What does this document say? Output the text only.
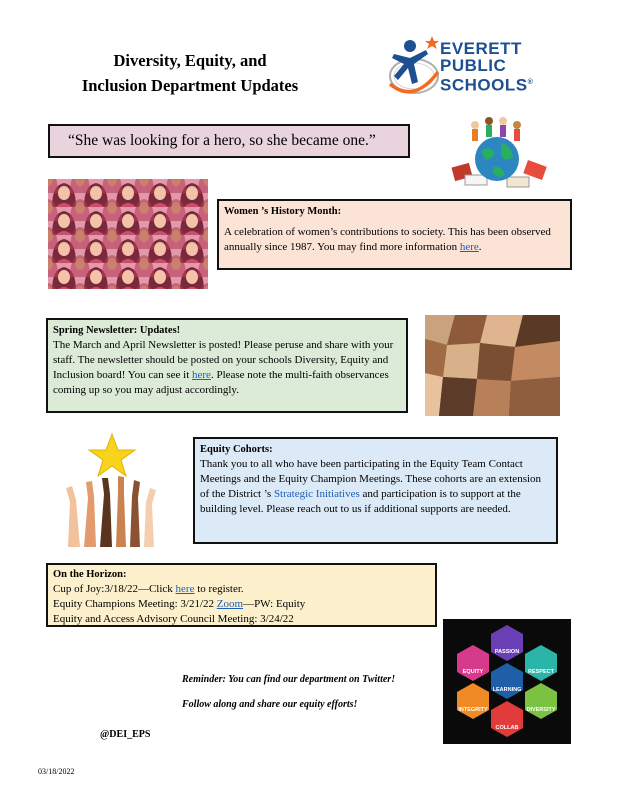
Diversity, Equity, and
Inclusion Department Updates
EVERETT
PUBLIC
SCHOOLS®
“She was looking for a hero, so she became one.”
Women ’s History Month:
A celebration of women’s contributions to society. This has been observed annually since 1987. You may find more information here.
Spring Newsletter: Updates!
The March and April Newsletter is posted! Please peruse and share with your staff. The newsletter should be posted on your schools Diversity, Equity and Inclusion board! You can see it here. Please note the multi-faith observances coming up so you may adjust accordingly.
Equity Cohorts:
Thank you to all who have been participating in the Equity Team Contact Meetings and the Equity Champion Meetings. These cohorts are an extension of the District ’s Strategic Initiatives and participation is to support at the building level. Please reach out to us if additional supports are needed.
On the Horizon:
Cup of Joy:3/18/22—Click here to register.
Equity Champions Meeting: 3/21/22 Zoom—PW: Equity
Equity and Access Advisory Council Meeting: 3/24/22
PASSION
EQUITY	RESPECT
LEARNING
INTEGRITY	DIVERSITY
COLLAB
Reminder: You can find our department on Twitter!
Follow along and share our equity efforts!
@DEI_EPS
03/18/2022
